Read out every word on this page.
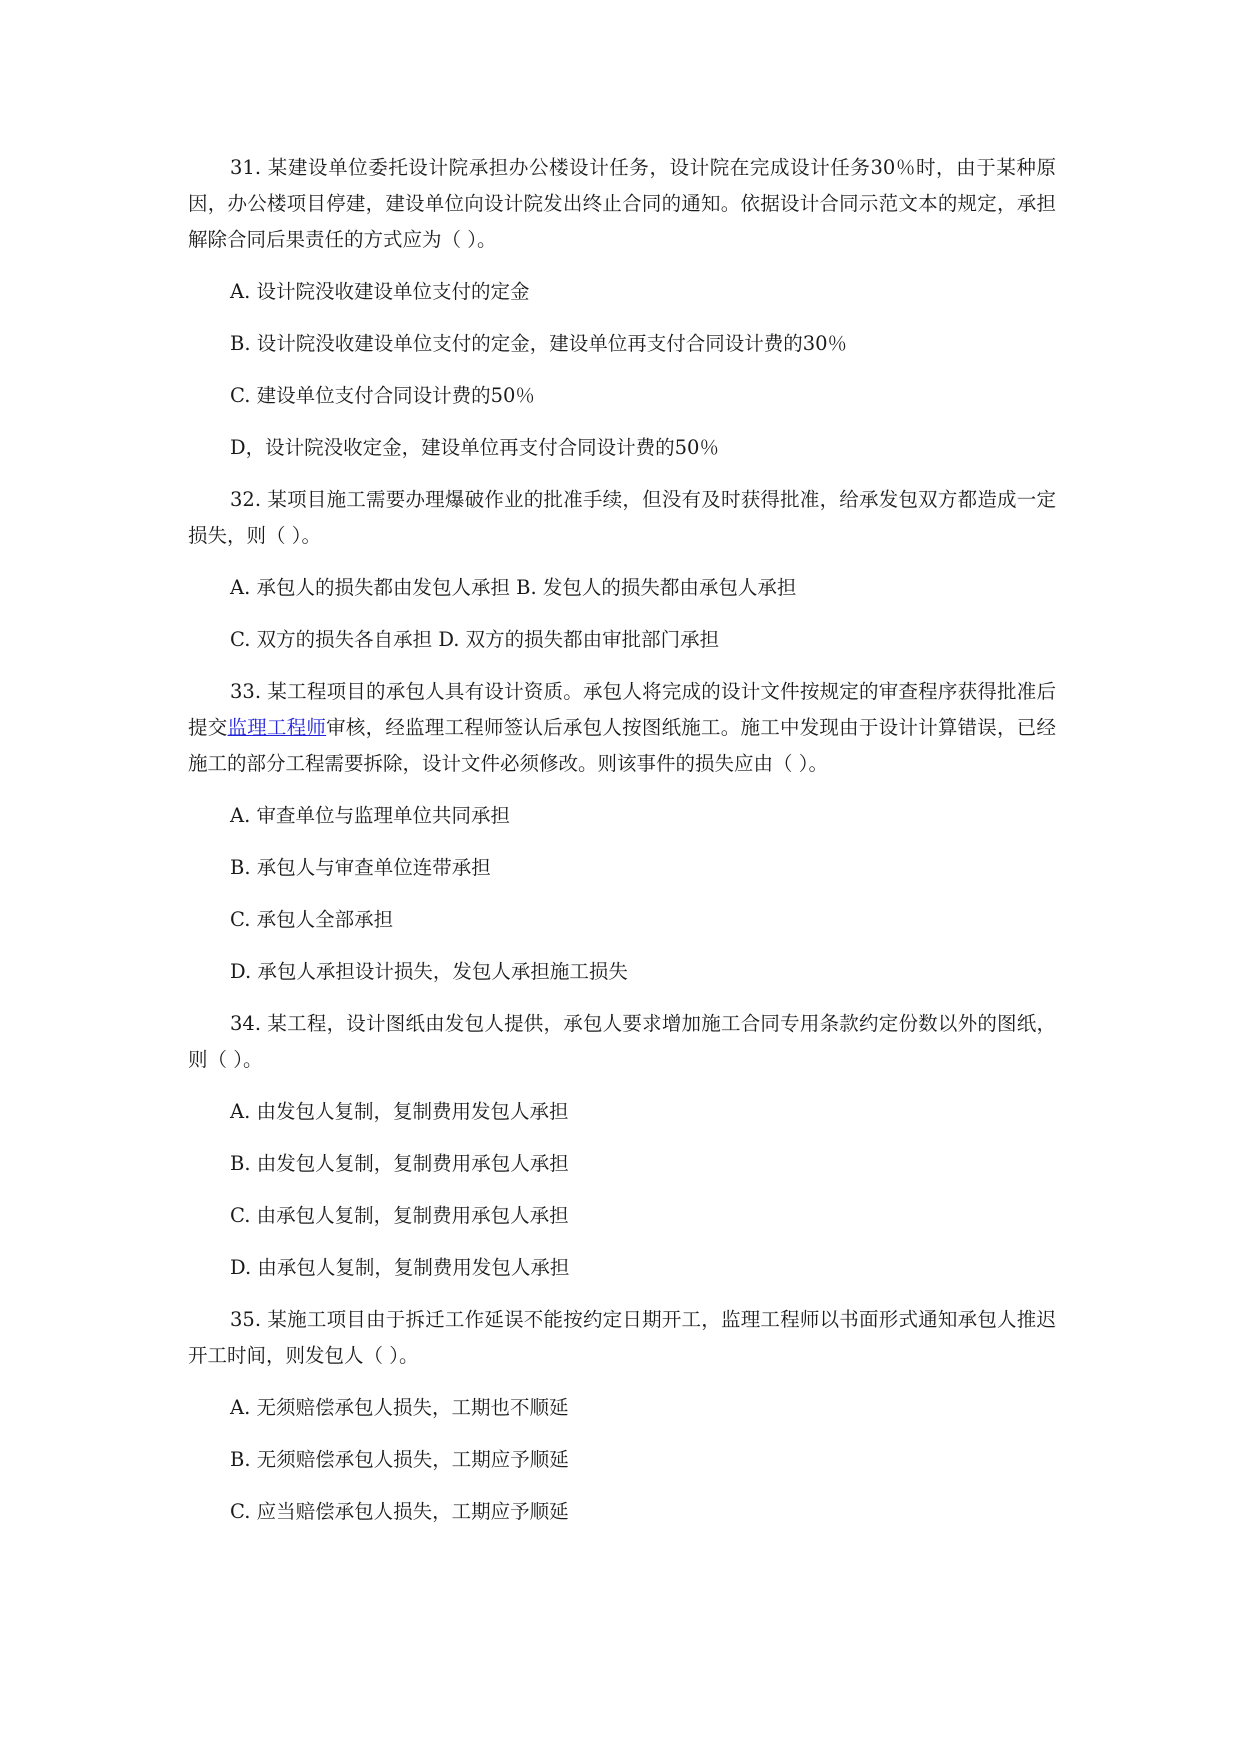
31. 某建设单位委托设计院承担办公楼设计任务，设计院在完成设计任务30％时，由于某种原因，办公楼项目停建，建设单位向设计院发出终止合同的通知。依据设计合同示范文本的规定，承担解除合同后果责任的方式应为（ ）。

A. 设计院没收建设单位支付的定金

B. 设计院没收建设单位支付的定金，建设单位再支付合同设计费的30％

C. 建设单位支付合同设计费的50％

D，设计院没收定金，建设单位再支付合同设计费的50％

32. 某项目施工需要办理爆破作业的批准手续，但没有及时获得批准，给承发包双方都造成一定损失，则（ ）。

A. 承包人的损失都由发包人承担 B. 发包人的损失都由承包人承担

C. 双方的损失各自承担 D. 双方的损失都由审批部门承担

33. 某工程项目的承包人具有设计资质。承包人将完成的设计文件按规定的审查程序获得批准后提交监理工程师审核，经监理工程师签认后承包人按图纸施工。施工中发现由于设计计算错误，已经施工的部分工程需要拆除，设计文件必须修改。则该事件的损失应由（ ）。

A. 审查单位与监理单位共同承担

B. 承包人与审查单位连带承担

C. 承包人全部承担

D. 承包人承担设计损失，发包人承担施工损失

34. 某工程，设计图纸由发包人提供，承包人要求增加施工合同专用条款约定份数以外的图纸，则（ ）。

A. 由发包人复制，复制费用发包人承担

B. 由发包人复制，复制费用承包人承担

C. 由承包人复制，复制费用承包人承担

D. 由承包人复制，复制费用发包人承担

35. 某施工项目由于拆迁工作延误不能按约定日期开工，监理工程师以书面形式通知承包人推迟开工时间，则发包人（ ）。

A. 无须赔偿承包人损失，工期也不顺延

B. 无须赔偿承包人损失，工期应予顺延

C. 应当赔偿承包人损失，工期应予顺延
